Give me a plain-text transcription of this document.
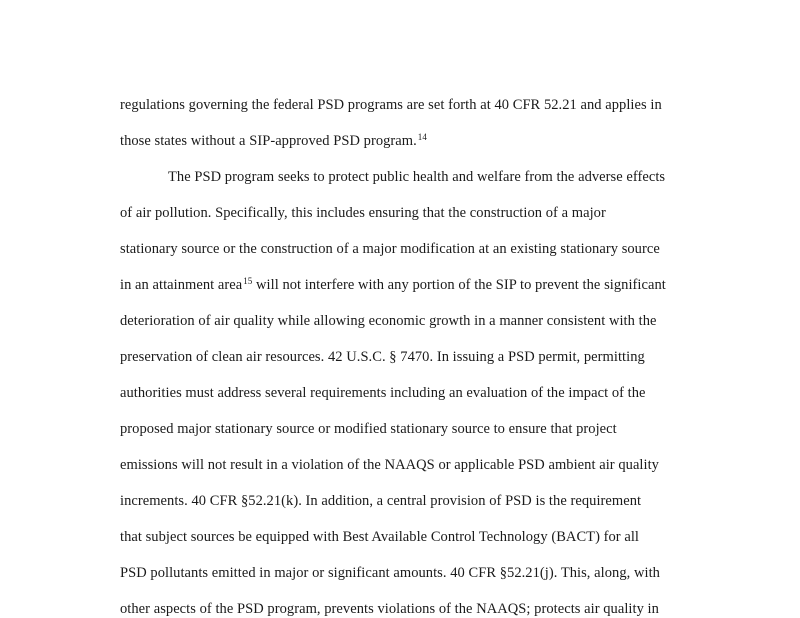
regulations governing the federal PSD programs are set forth at 40 CFR 52.21 and applies in
those states without a SIP-approved PSD program.$^{14}$
The PSD program seeks to protect public health and welfare from the adverse effects
of air pollution. Specifically, this includes ensuring that the construction of a major
stationary source or the construction of a major modification at an existing stationary source
in an attainment area$^{15}$ will not interfere with any portion of the SIP to prevent the significant
deterioration of air quality while allowing economic growth in a manner consistent with the
preservation of clean air resources. 42 U.S.C. § 7470. In issuing a PSD permit, permitting
authorities must address several requirements including an evaluation of the impact of the
proposed major stationary source or modified stationary source to ensure that project
emissions will not result in a violation of the NAAQS or applicable PSD ambient air quality
increments. 40 CFR §52.21(k). In addition, a central provision of PSD is the requirement
that subject sources be equipped with Best Available Control Technology (BACT) for all
PSD pollutants emitted in major or significant amounts. 40 CFR §52.21(j). This, along, with
other aspects of the PSD program, prevents violations of the NAAQS; protects air quality in
